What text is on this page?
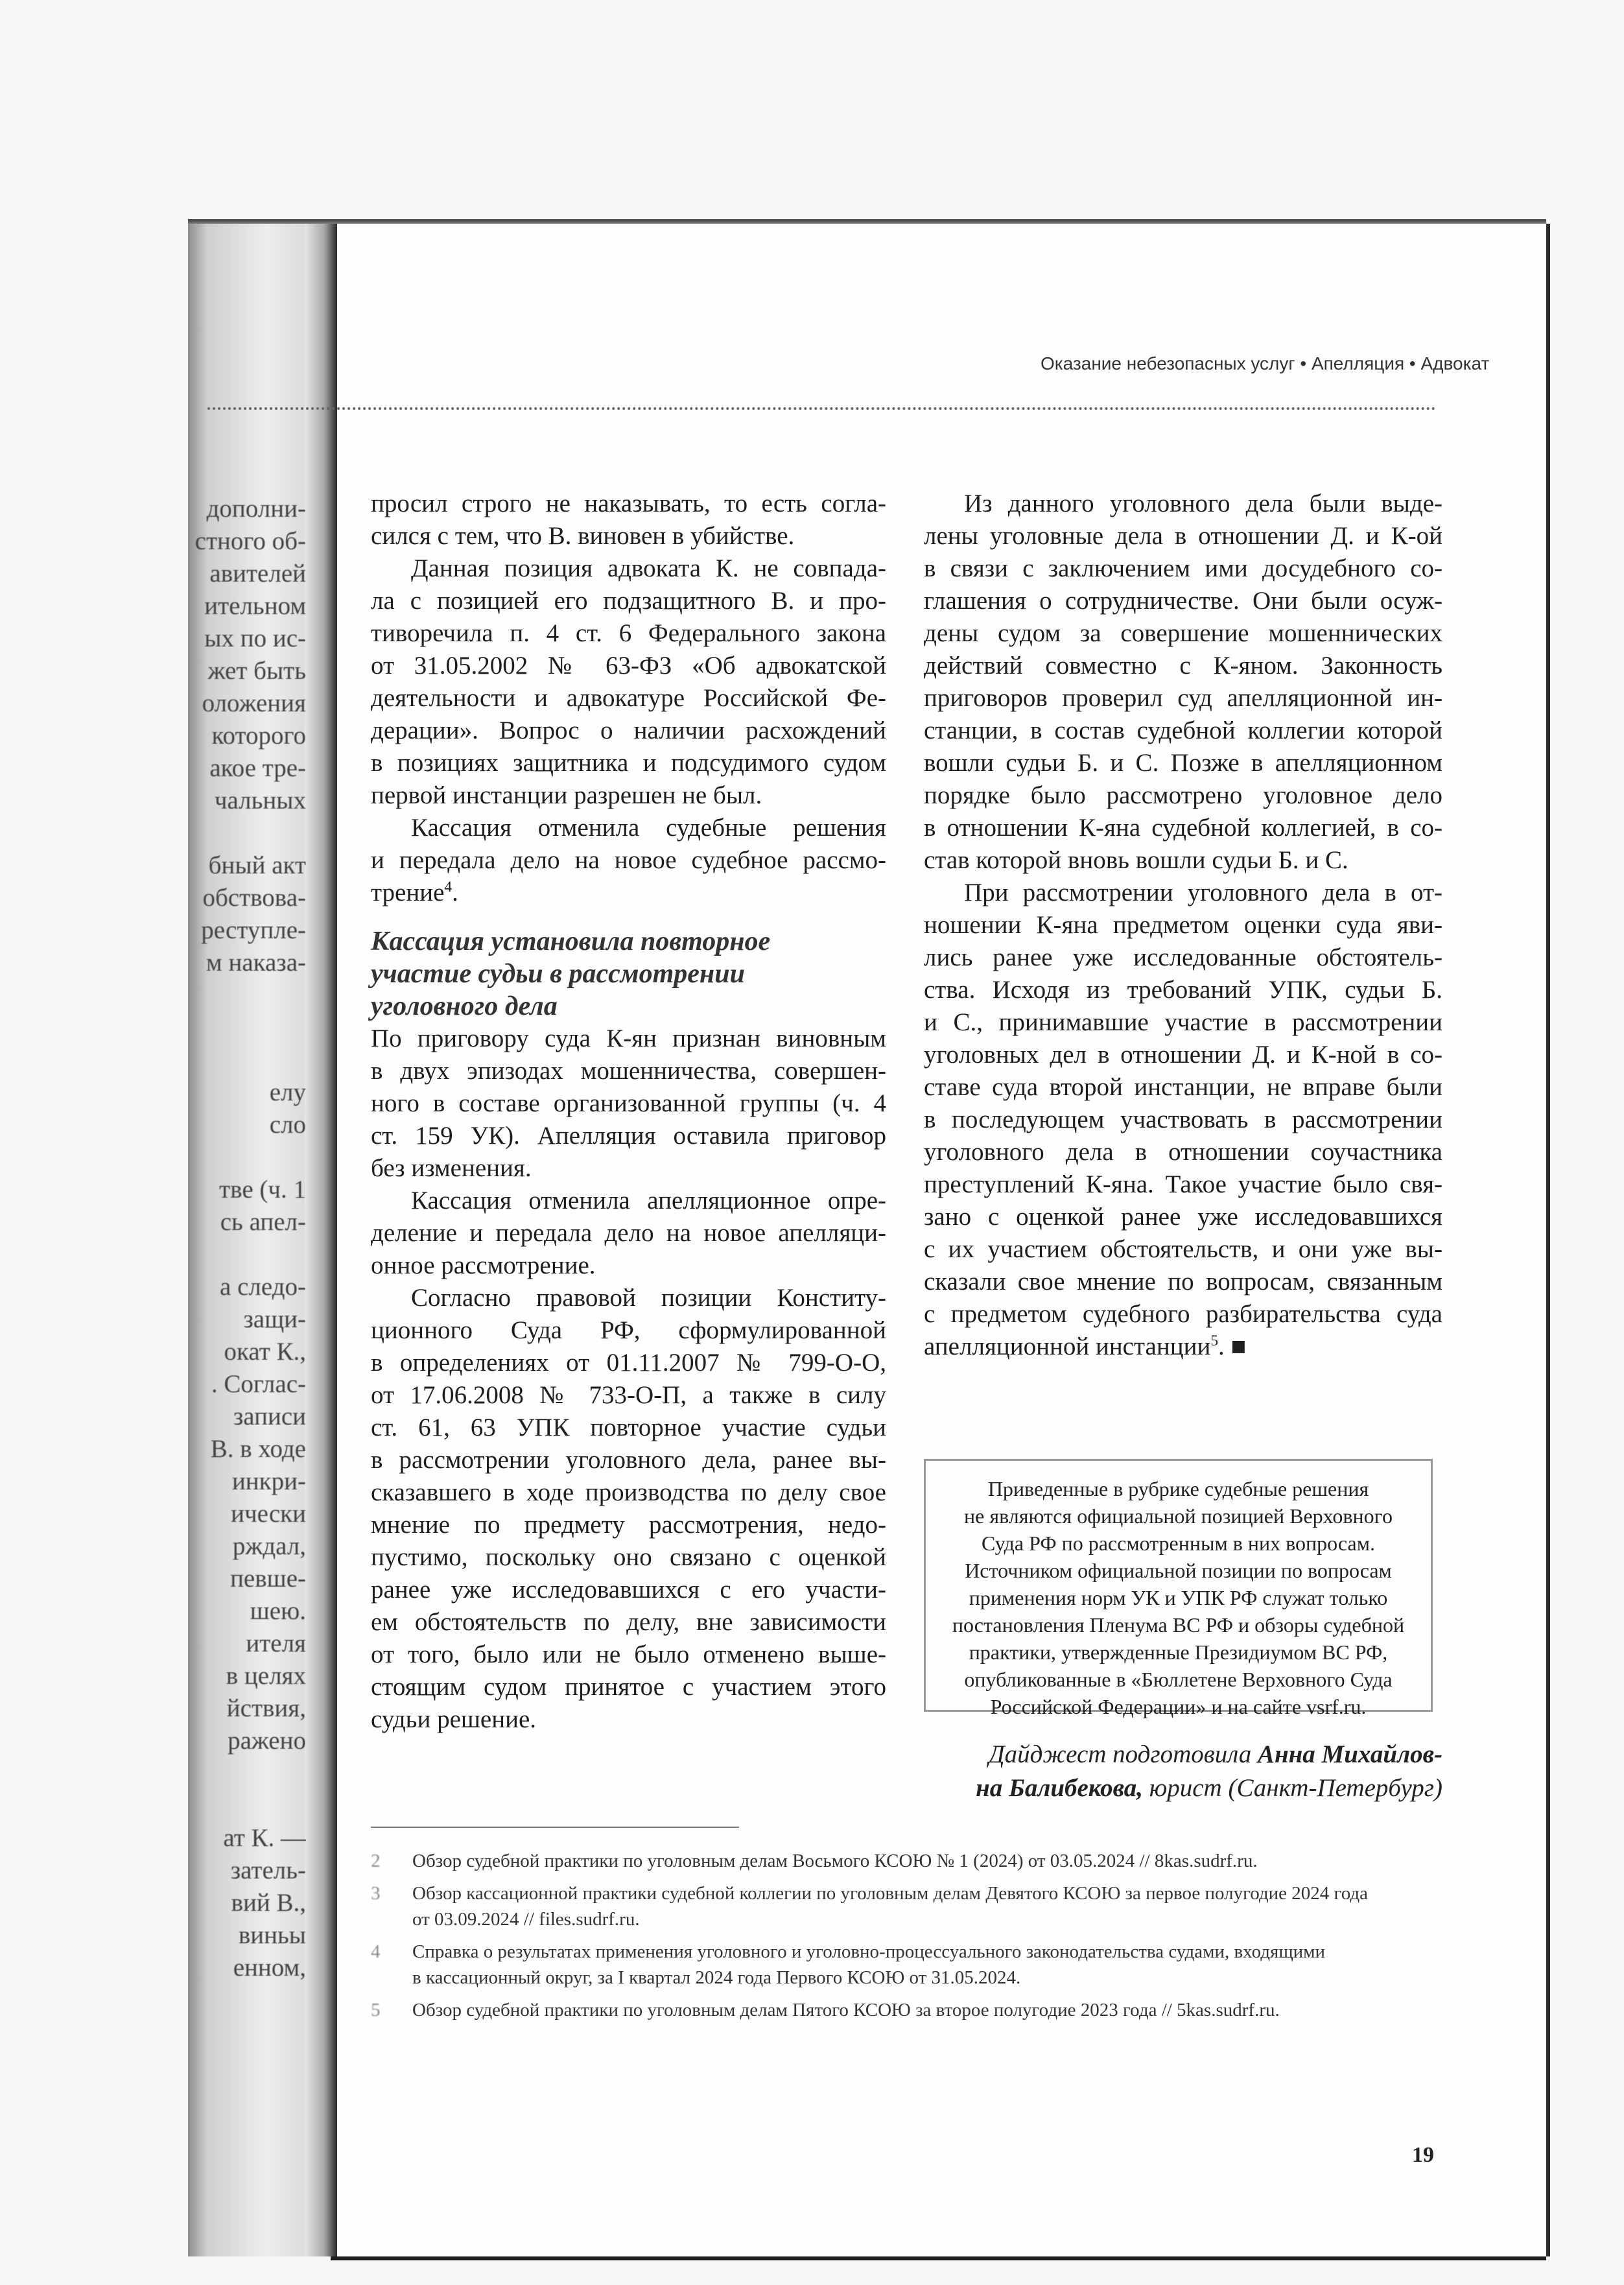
Оказание небезопасных услуг • Апелляция • Адвокат
дополни-
стного об-
авителей
ительном
ых по ис-
жет быть
оложения
которого
акое тре-
чальных
бный акт
обствова-
реступле-
м наказа-
елу
сло
тве (ч. 1
сь апел-
а следо-
защи-
окат К.,
. Соглас-
записи
В. в ходе
инкри-
ически
рждал,
певше-
шею.
ителя
в целях
йствия,
ражено
ат К. —
затель-
вий В.,
виньы
енном,
просил строго не наказывать, то есть согла-
сился с тем, что В. виновен в убийстве.
Данная позиция адвоката К. не совпада-
ла с позицией его подзащитного В. и про-
тиворечила п. 4 ст. 6 Федерального закона
от 31.05.2002 № 63-ФЗ «Об адвокатской
деятельности и адвокатуре Российской Фе-
дерации». Вопрос о наличии расхождений
в позициях защитника и подсудимого судом
первой инстанции разрешен не был.
Кассация отменила судебные решения
и передала дело на новое судебное рассмо-
трение$^4$.
Кассация установила повторное
участие судьи в рассмотрении
уголовного дела
По приговору суда К-ян признан виновным
в двух эпизодах мошенничества, совершен-
ного в составе организованной группы (ч. 4
ст. 159 УК). Апелляция оставила приговор
без изменения.
Кассация отменила апелляционное опре-
деление и передала дело на новое апелляци-
онное рассмотрение.
Согласно правовой позиции Конститу-
ционного Суда РФ, сформулированной
в определениях от 01.11.2007 № 799-О-О,
от 17.06.2008 № 733-О-П, а также в силу
ст. 61, 63 УПК повторное участие судьи
в рассмотрении уголовного дела, ранее вы-
сказавшего в ходе производства по делу свое
мнение по предмету рассмотрения, недо-
пустимо, поскольку оно связано с оценкой
ранее уже исследовавшихся с его участи-
ем обстоятельств по делу, вне зависимости
от того, было или не было отменено выше-
стоящим судом принятое с участием этого
судьи решение.
Из данного уголовного дела были выде-
лены уголовные дела в отношении Д. и К-ой
в связи с заключением ими досудебного со-
глашения о сотрудничестве. Они были осуж-
дены судом за совершение мошеннических
действий совместно с К-яном. Законность
приговоров проверил суд апелляционной ин-
станции, в состав судебной коллегии которой
вошли судьи Б. и С. Позже в апелляционном
порядке было рассмотрено уголовное дело
в отношении К-яна судебной коллегией, в со-
став которой вновь вошли судьи Б. и С.
При рассмотрении уголовного дела в от-
ношении К-яна предметом оценки суда яви-
лись ранее уже исследованные обстоятель-
ства. Исходя из требований УПК, судьи Б.
и С., принимавшие участие в рассмотрении
уголовных дел в отношении Д. и К-ной в со-
ставе суда второй инстанции, не вправе были
в последующем участвовать в рассмотрении
уголовного дела в отношении соучастника
преступлений К-яна. Такое участие было свя-
зано с оценкой ранее уже исследовавшихся
с их участием обстоятельств, и они уже вы-
сказали свое мнение по вопросам, связанным
с предметом судебного разбирательства суда
апелляционной инстанции$^5$. ■
Приведенные в рубрике судебные решения
не являются официальной позицией Верховного
Суда РФ по рассмотренным в них вопросам.
Источником официальной позиции по вопросам
применения норм УК и УПК РФ служат только
постановления Пленума ВС РФ и обзоры судебной
практики, утвержденные Президиумом ВС РФ,
опубликованные в «Бюллетене Верховного Суда
Российской Федерации» и на сайте vsrf.ru.
Дайджест подготовила Анна Михайлов-
на Балибекова, юрист (Санкт-Петербург)
2 Обзор судебной практики по уголовным делам Восьмого КСОЮ № 1 (2024) от 03.05.2024 // 8kas.sudrf.ru.
3 Обзор кассационной практики судебной коллегии по уголовным делам Девятого КСОЮ за первое полугодие 2024 года
от 03.09.2024 // files.sudrf.ru.
4 Справка о результатах применения уголовного и уголовно-процессуального законодательства судами, входящими
в кассационный округ, за I квартал 2024 года Первого КСОЮ от 31.05.2024.
5 Обзор судебной практики по уголовным делам Пятого КСОЮ за второе полугодие 2023 года // 5kas.sudrf.ru.
19
